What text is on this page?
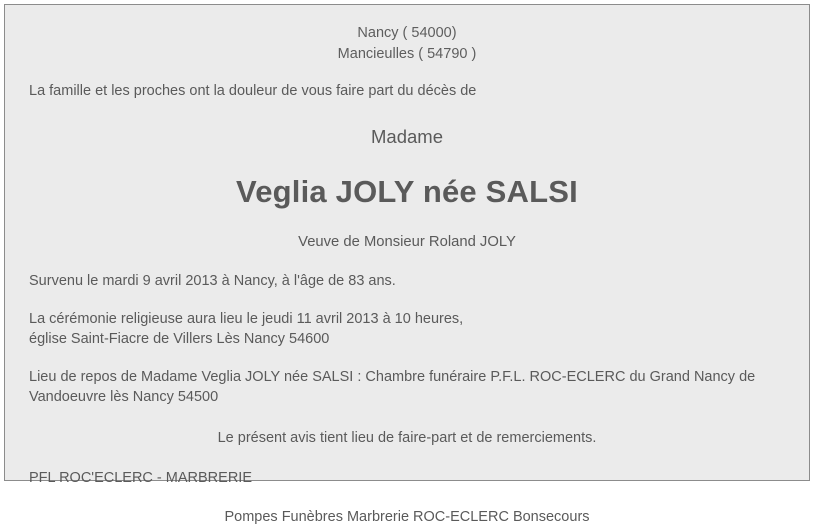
Nancy ( 54000)
Mancieulles ( 54790 )
La famille et les proches ont la douleur de vous faire part du décès de
Madame
Veglia JOLY née SALSI
Veuve de Monsieur Roland JOLY
Survenu le mardi 9 avril 2013 à Nancy, à l'âge de 83 ans.
La cérémonie religieuse aura lieu le jeudi 11 avril 2013 à 10 heures,
église Saint-Fiacre de Villers Lès Nancy 54600
Lieu de repos de Madame Veglia JOLY née SALSI : Chambre funéraire P.F.L. ROC-ECLERC du Grand Nancy de
Vandoeuvre lès Nancy 54500
Le présent avis tient lieu de faire-part et de remerciements.
PFL ROC'ECLERC - MARBRERIE
Pompes Funèbres Marbrerie ROC-ECLERC Bonsecours
